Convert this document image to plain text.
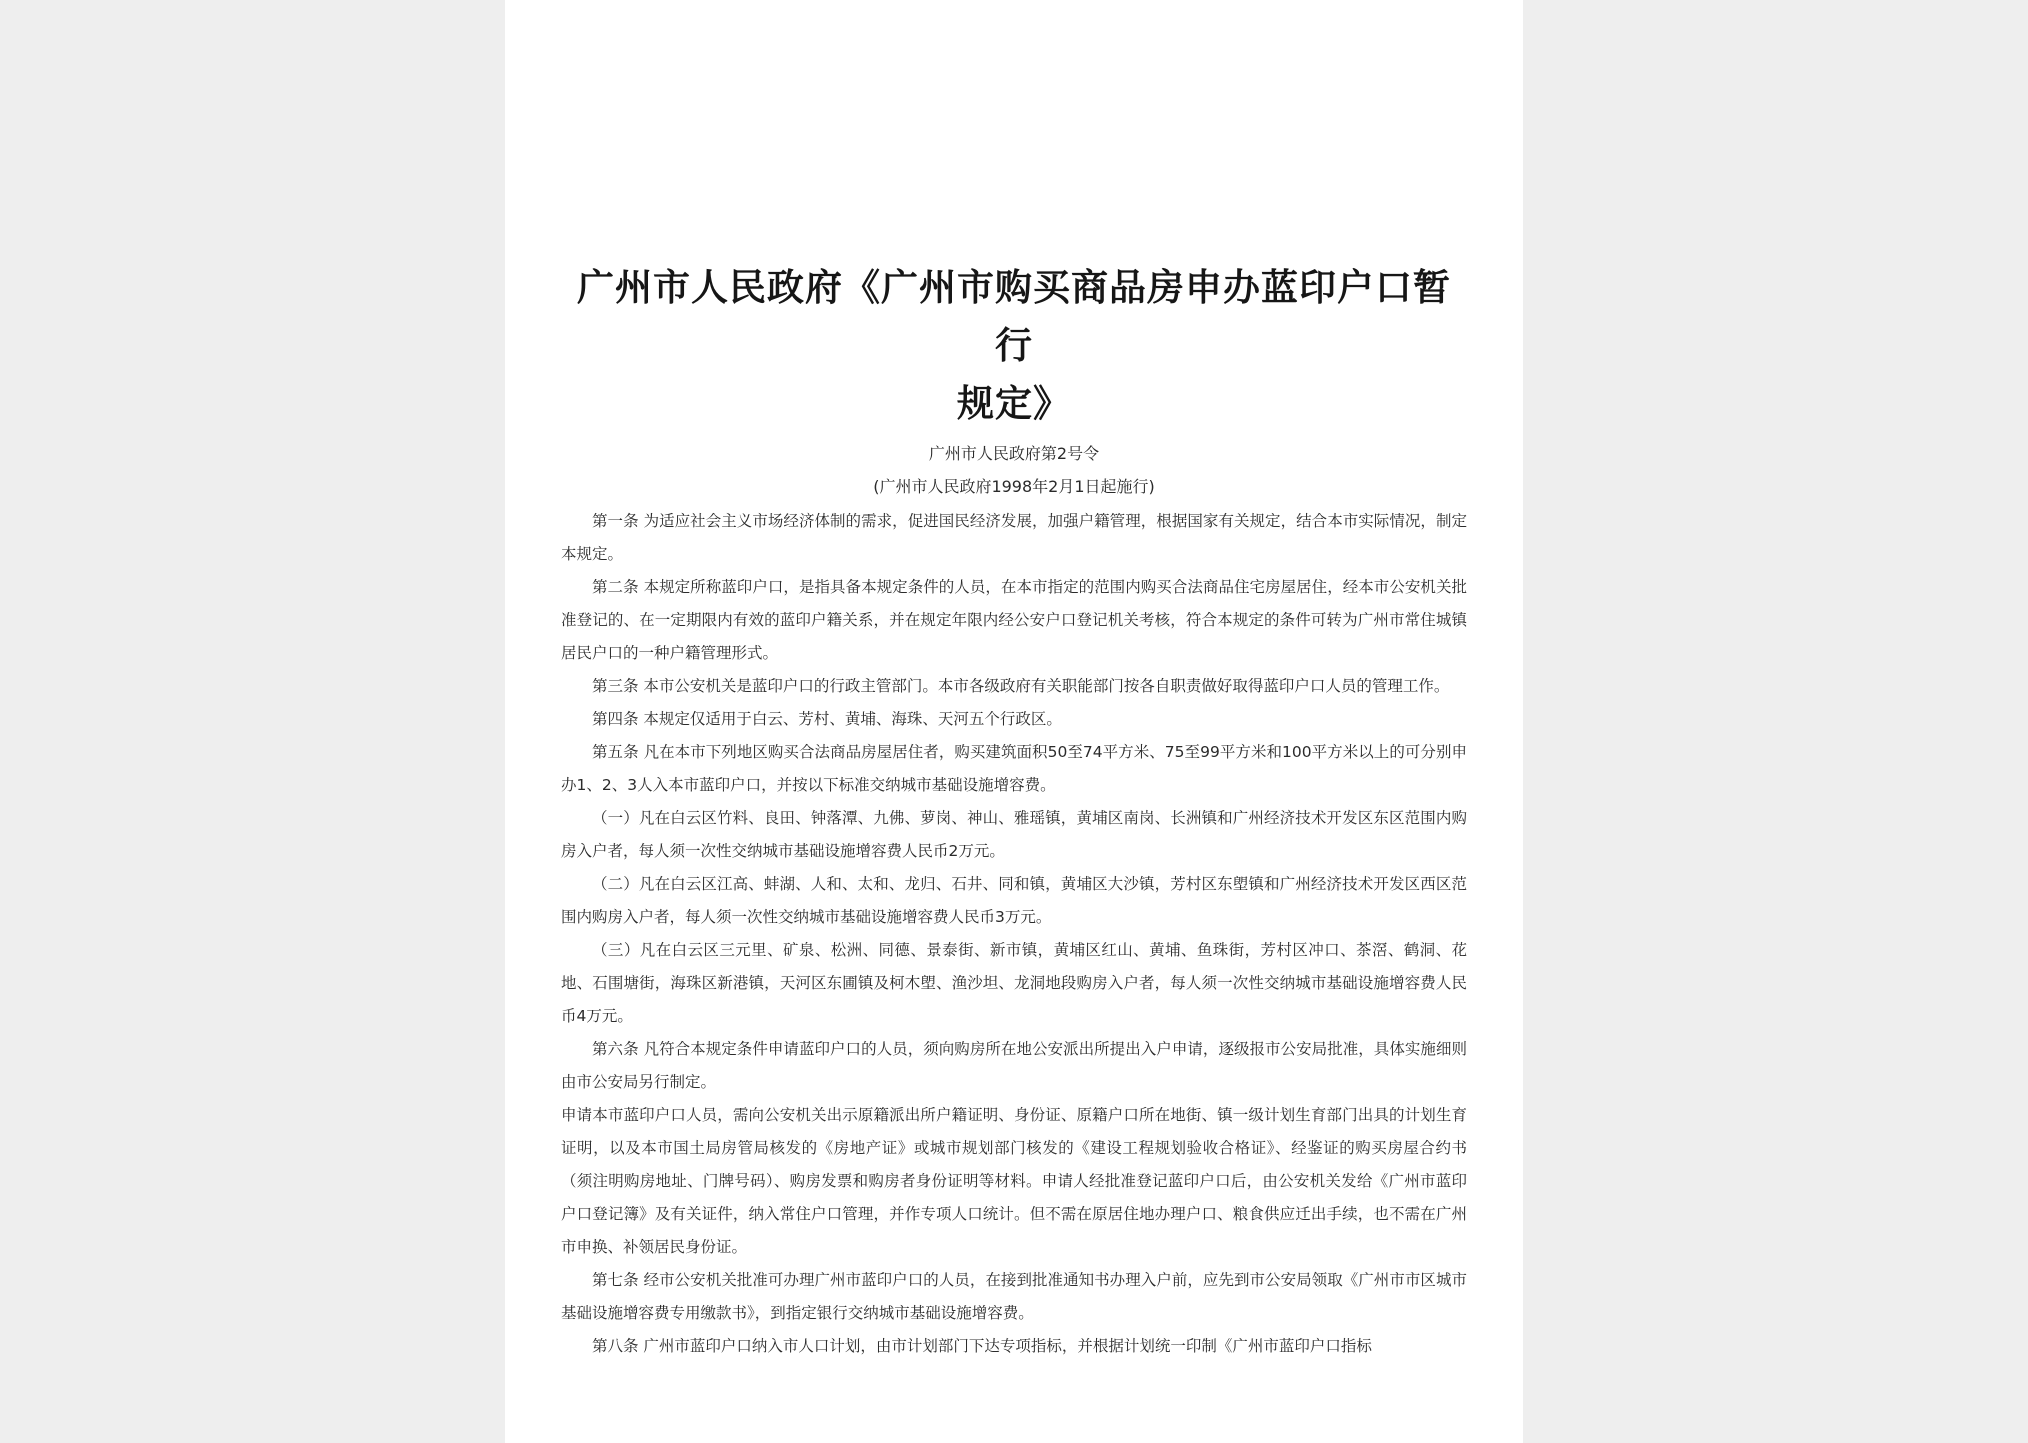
广州市人民政府《广州市购买商品房申办蓝印户口暂行
规定》
广州市人民政府第2号令
(广州市人民政府1998年2月1日起施行)

第一条 为适应社会主义市场经济体制的需求，促进国民经济发展，加强户籍管理，根据国家有关规定，结合本市实际情况，制定本规定。

第二条 本规定所称蓝印户口，是指具备本规定条件的人员，在本市指定的范围内购买合法商品住宅房屋居住，经本市公安机关批准登记的、在一定期限内有效的蓝印户籍关系，并在规定年限内经公安户口登记机关考核，符合本规定的条件可转为广州市常住城镇居民户口的一种户籍管理形式。

第三条 本市公安机关是蓝印户口的行政主管部门。本市各级政府有关职能部门按各自职责做好取得蓝印户口人员的管理工作。

第四条 本规定仅适用于白云、芳村、黄埔、海珠、天河五个行政区。

第五条 凡在本市下列地区购买合法商品房屋居住者，购买建筑面积50至74平方米、75至99平方米和100平方米以上的可分别申办1、2、3人入本市蓝印户口，并按以下标准交纳城市基础设施增容费。

（一）凡在白云区竹料、良田、钟落潭、九佛、萝岗、神山、雅瑶镇，黄埔区南岗、长洲镇和广州经济技术开发区东区范围内购房入户者，每人须一次性交纳城市基础设施增容费人民币2万元。

（二）凡在白云区江高、蚌湖、人和、太和、龙归、石井、同和镇，黄埔区大沙镇，芳村区东塱镇和广州经济技术开发区西区范围内购房入户者，每人须一次性交纳城市基础设施增容费人民币3万元。

（三）凡在白云区三元里、矿泉、松洲、同德、景泰街、新市镇，黄埔区红山、黄埔、鱼珠街，芳村区冲口、茶滘、鹤洞、花地、石围塘街，海珠区新港镇，天河区东圃镇及柯木塱、渔沙坦、龙洞地段购房入户者，每人须一次性交纳城市基础设施增容费人民币4万元。

第六条 凡符合本规定条件申请蓝印户口的人员，须向购房所在地公安派出所提出入户申请，逐级报市公安局批准，具体实施细则由市公安局另行制定。

申请本市蓝印户口人员，需向公安机关出示原籍派出所户籍证明、身份证、原籍户口所在地街、镇一级计划生育部门出具的计划生育证明，以及本市国土局房管局核发的《房地产证》或城市规划部门核发的《建设工程规划验收合格证》、经鉴证的购买房屋合约书（须注明购房地址、门牌号码）、购房发票和购房者身份证明等材料。申请人经批准登记蓝印户口后，由公安机关发给《广州市蓝印户口登记簿》及有关证件，纳入常住户口管理，并作专项人口统计。但不需在原居住地办理户口、粮食供应迁出手续，也不需在广州市申换、补领居民身份证。

第七条 经市公安机关批准可办理广州市蓝印户口的人员，在接到批准通知书办理入户前，应先到市公安局领取《广州市市区城市基础设施增容费专用缴款书》，到指定银行交纳城市基础设施增容费。

第八条 广州市蓝印户口纳入市人口计划，由市计划部门下达专项指标，并根据计划统一印制《广州市蓝印户口指标
